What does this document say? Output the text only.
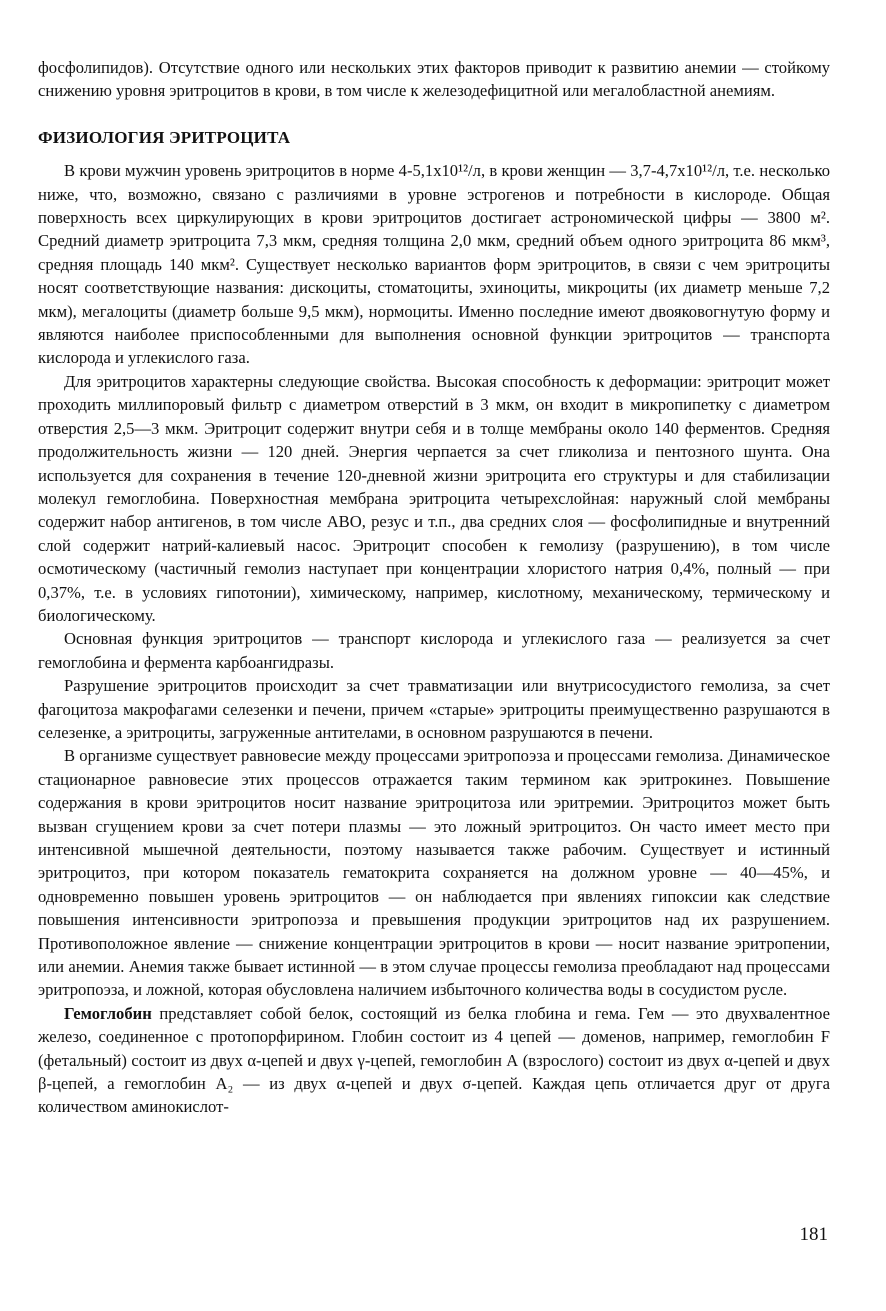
фосфолипидов). Отсутствие одного или нескольких этих факторов приводит к развитию анемии — стойкому снижению уровня эритроцитов в крови, в том числе к железодефицитной или мегалобластной анемиям.

ФИЗИОЛОГИЯ ЭРИТРОЦИТА

В крови мужчин уровень эритроцитов в норме 4-5,1х10¹²/л, в крови женщин — 3,7-4,7х10¹²/л, т.е. несколько ниже, что, возможно, связано с различиями в уровне эстрогенов и потребности в кислороде. Общая поверхность всех циркулирующих в крови эритроцитов достигает астрономической цифры — 3800 м². Средний диаметр эритроцита 7,3 мкм, средняя толщина 2,0 мкм, средний объем одного эритроцита 86 мкм³, средняя площадь 140 мкм². Существует несколько вариантов форм эритроцитов, в связи с чем эритроциты носят соответствующие названия: дискоциты, стоматоциты, эхиноциты, микроциты (их диаметр меньше 7,2 мкм), мегалоциты (диаметр больше 9,5 мкм), нормоциты. Именно последние имеют двояковогнутую форму и являются наиболее приспособленными для выполнения основной функции эритроцитов — транспорта кислорода и углекислого газа.

Для эритроцитов характерны следующие свойства. Высокая способность к деформации: эритроцит может проходить миллипоровый фильтр с диаметром отверстий в 3 мкм, он входит в микропипетку с диаметром отверстия 2,5—3 мкм. Эритроцит содержит внутри себя и в толще мембраны около 140 ферментов. Средняя продолжительность жизни — 120 дней. Энергия черпается за счет гликолиза и пентозного шунта. Она используется для сохранения в течение 120-дневной жизни эритроцита его структуры и для стабилизации молекул гемоглобина. Поверхностная мембрана эритроцита четырехслойная: наружный слой мембраны содержит набор антигенов, в том числе АВО, резус и т.п., два средних слоя — фосфолипидные и внутренний слой содержит натрий-калиевый насос. Эритроцит способен к гемолизу (разрушению), в том числе осмотическому (частичный гемолиз наступает при концентрации хлористого натрия 0,4%, полный — при 0,37%, т.е. в условиях гипотонии), химическому, например, кислотному, механическому, термическому и биологическому.

Основная функция эритроцитов — транспорт кислорода и углекислого газа — реализуется за счет гемоглобина и фермента карбоангидразы.

Разрушение эритроцитов происходит за счет травматизации или внутрисосудистого гемолиза, за счет фагоцитоза макрофагами селезенки и печени, причем «старые» эритроциты преимущественно разрушаются в селезенке, а эритроциты, загруженные антителами, в основном разрушаются в печени.

В организме существует равновесие между процессами эритропоэза и процессами гемолиза. Динамическое стационарное равновесие этих процессов отражается таким термином как эритрокинез. Повышение содержания в крови эритроцитов носит название эритроцитоза или эритремии. Эритроцитоз может быть вызван сгущением крови за счет потери плазмы — это ложный эритроцитоз. Он часто имеет место при интенсивной мышечной деятельности, поэтому называется также рабочим. Существует и истинный эритроцитоз, при котором показатель гематокрита сохраняется на должном уровне — 40—45%, и одновременно повышен уровень эритроцитов — он наблюдается при явлениях гипоксии как следствие повышения интенсивности эритропоэза и превышения продукции эритроцитов над их разрушением. Противоположное явление — снижение концентрации эритроцитов в крови — носит название эритропении, или анемии. Анемия также бывает истинной — в этом случае процессы гемолиза преобладают над процессами эритропоэза, и ложной, которая обусловлена наличием избыточного количества воды в сосудистом русле.

Гемоглобин представляет собой белок, состоящий из белка глобина и гема. Гем — это двухвалентное железо, соединенное с протопорфирином. Глобин состоит из 4 цепей — доменов, например, гемоглобин F (фетальный) состоит из двух α-цепей и двух γ-цепей, гемоглобин А (взрослого) состоит из двух α-цепей и двух β-цепей, а гемоглобин А₂ — из двух α-цепей и двух σ-цепей. Каждая цепь отличается друг от друга количеством аминокислот-

181
